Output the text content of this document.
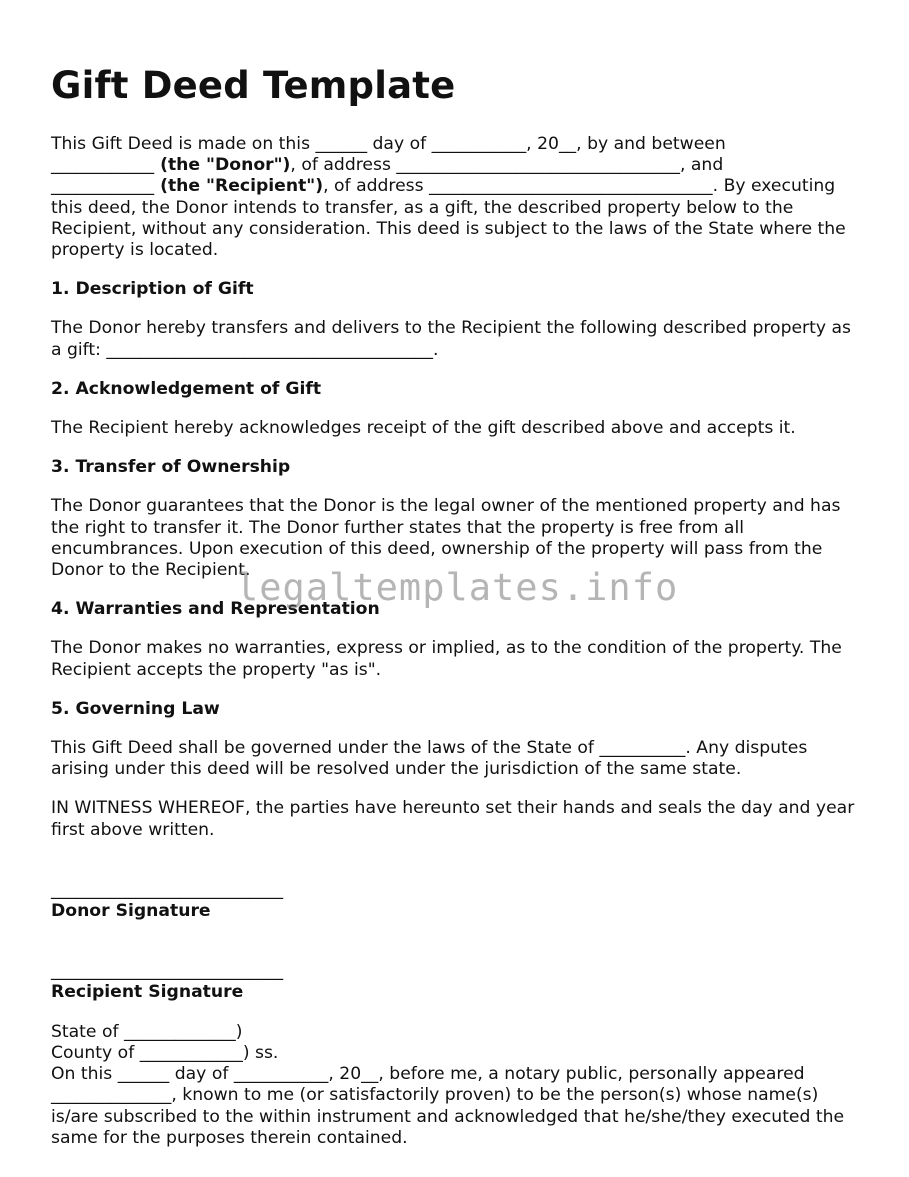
Gift Deed Template

This Gift Deed is made on this ______ day of ___________, 20__, by and between
____________ (the "Donor"), of address _________________________________, and
____________ (the "Recipient"), of address _________________________________. By executing this deed, the Donor intends to transfer, as a gift, the described property below to the Recipient, without any consideration. This deed is subject to the laws of the State where the property is located.

1. Description of Gift

The Donor hereby transfers and delivers to the Recipient the following described property as a gift: ______________________________________.

2. Acknowledgement of Gift

The Recipient hereby acknowledges receipt of the gift described above and accepts it.

3. Transfer of Ownership

The Donor guarantees that the Donor is the legal owner of the mentioned property and has the right to transfer it. The Donor further states that the property is free from all encumbrances. Upon execution of this deed, ownership of the property will pass from the Donor to the Recipient.

4. Warranties and Representation

The Donor makes no warranties, express or implied, as to the condition of the property. The Recipient accepts the property "as is".

5. Governing Law

This Gift Deed shall be governed under the laws of the State of __________. Any disputes arising under this deed will be resolved under the jurisdiction of the same state.

IN WITNESS WHEREOF, the parties have hereunto set their hands and seals the day and year first above written.

___________________________
Donor Signature
___________________________
Recipient Signature

State of _____________)

County of ____________) ss.

On this ______ day of ___________, 20__, before me, a notary public, personally appeared ______________, known to me (or satisfactorily proven) to be the person(s) whose name(s) is/are subscribed to the within instrument and acknowledged that he/she/they executed the same for the purposes therein contained.

legaltemplates.info
